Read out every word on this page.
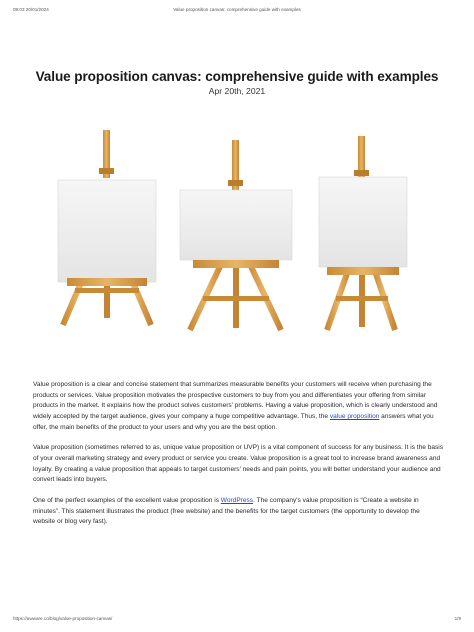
09:03 20/01/2024	Value proposition canvas: comprehensive guide with examples
Value proposition canvas: comprehensive guide with examples
Apr 20th, 2021

Value proposition is a clear and concise statement that summarizes measurable benefits your customers will receive when purchasing the products or services. Value proposition motivates the prospective customers to buy from you and differentiates your offering from similar products in the market. It explains how the product solves customers' problems. Having a value proposition, which is clearly understood and widely accepted by the target audience, gives your company a huge competitive advantage. Thus, the value proposition answers what you offer, the main benefits of the product to your users and why you are the best option.

Value proposition (sometimes referred to as, unique value proposition or UVP) is a vital component of success for any business. It is the basis of your overall marketing strategy and every product or service you create. Value proposition is a great tool to increase brand awareness and loyalty. By creating a value proposition that appeals to target customers' needs and pain points, you will better understand your audience and convert leads into buyers.

One of the perfect examples of the excellent value proposition is WordPress. The company's value proposition is “Create a website in minutes”. This statement illustrates the product (free website) and the benefits for the target customers (the opportunity to develop the website or blog very fast).

https://awware.co/blog/value-proposition-canvas/	1/9
